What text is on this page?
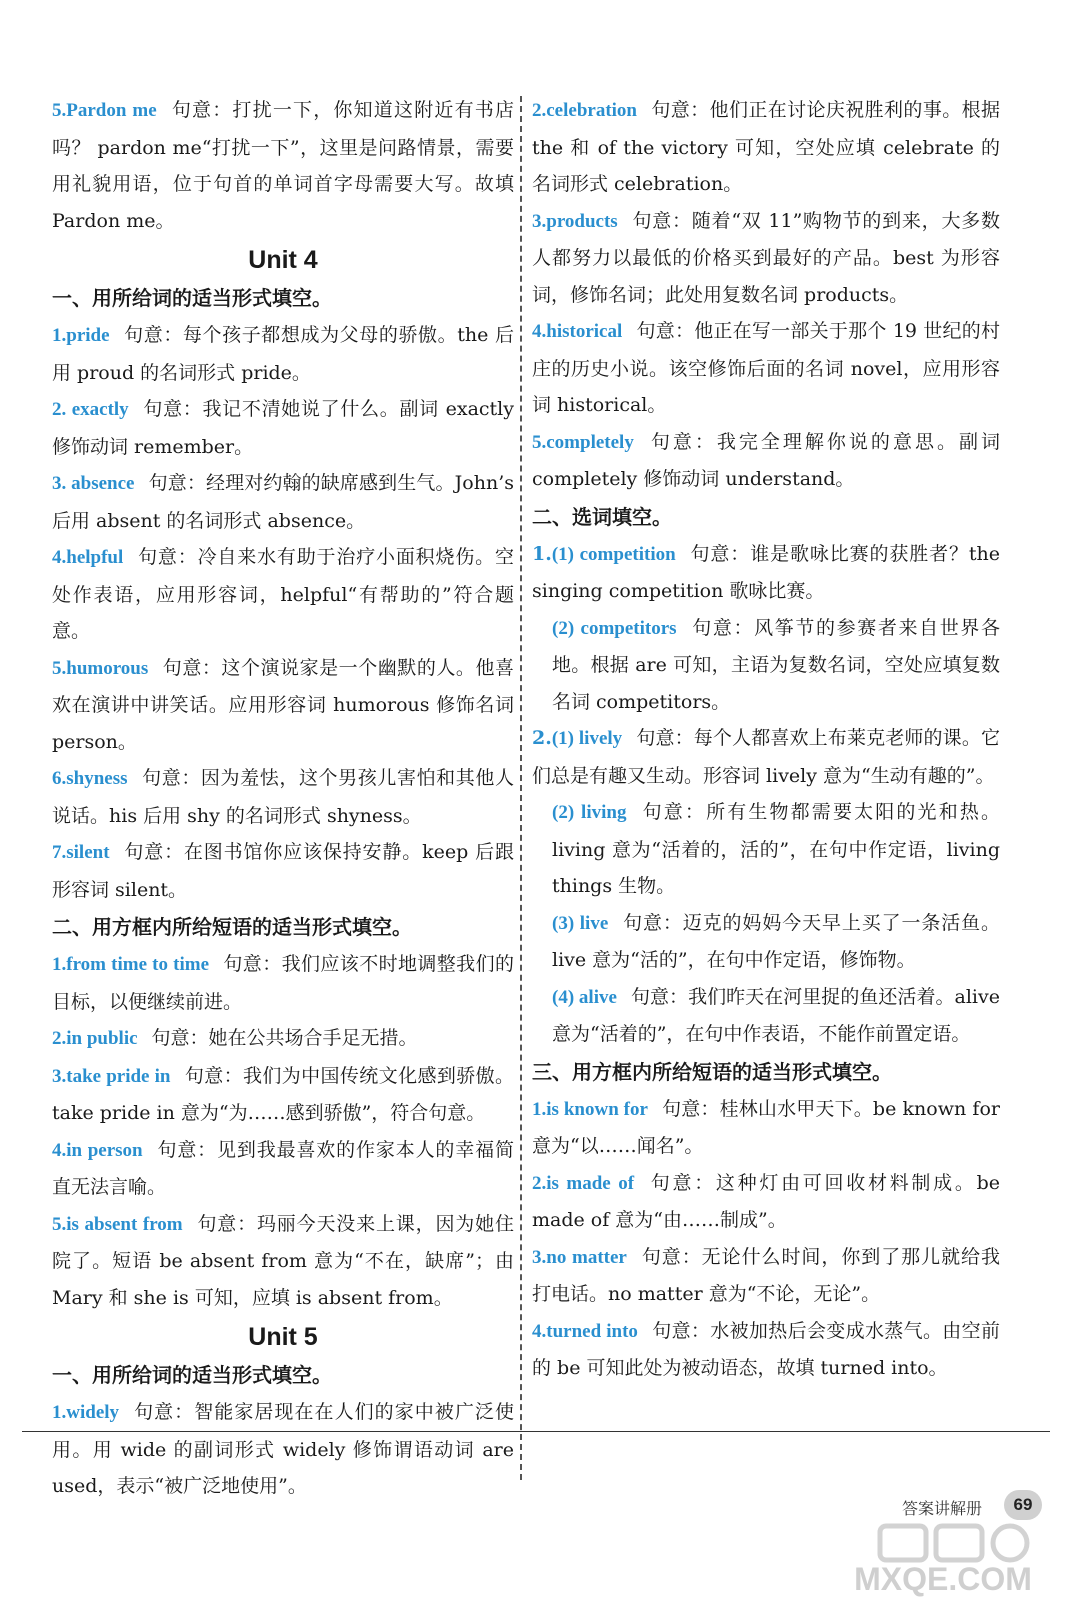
5.Pardon me 句意：打扰一下，你知道这附近有书店吗？ pardon me“打扰一下”，这里是问路情景，需要用礼貌用语，位于句首的单词首字母需要大写。故填 Pardon me。

Unit 4
一、用所给词的适当形式填空。

1.pride 句意：每个孩子都想成为父母的骄傲。the 后用 proud 的名词形式 pride。

2. exactly 句意：我记不清她说了什么。副词 exactly 修饰动词 remember。

3. absence 句意：经理对约翰的缺席感到生气。John’s 后用 absent 的名词形式 absence。

4.helpful 句意：冷自来水有助于治疗小面积烧伤。空处作表语，应用形容词，helpful“有帮助的”符合题意。

5.humorous 句意：这个演说家是一个幽默的人。他喜欢在演讲中讲笑话。应用形容词 humorous 修饰名词 person。

6.shyness 句意：因为羞怯，这个男孩儿害怕和其他人说话。his 后用 shy 的名词形式 shyness。

7.silent 句意：在图书馆你应该保持安静。keep 后跟形容词 silent。

二、用方框内所给短语的适当形式填空。

1.from time to time 句意：我们应该不时地调整我们的目标，以便继续前进。

2.in public 句意：她在公共场合手足无措。

3.take pride in 句意：我们为中国传统文化感到骄傲。take pride in 意为“为……感到骄傲”，符合句意。

4.in person 句意：见到我最喜欢的作家本人的幸福简直无法言喻。

5.is absent from 句意：玛丽今天没来上课，因为她住院了。短语 be absent from 意为“不在，缺席”；由 Mary 和 she is 可知，应填 is absent from。

Unit 5
一、用所给词的适当形式填空。

1.widely 句意：智能家居现在在人们的家中被广泛使用。用 wide 的副词形式 widely 修饰谓语动词 are used，表示“被广泛地使用”。

2.celebration 句意：他们正在讨论庆祝胜利的事。根据 the 和 of the victory 可知，空处应填 celebrate 的名词形式 celebration。

3.products 句意：随着“双 11”购物节的到来，大多数人都努力以最低的价格买到最好的产品。best 为形容词，修饰名词；此处用复数名词 products。

4.historical 句意：他正在写一部关于那个 19 世纪的村庄的历史小说。该空修饰后面的名词 novel，应用形容词 historical。

5.completely 句意：我完全理解你说的意思。副词 completely 修饰动词 understand。

二、选词填空。

1.(1) competition 句意：谁是歌咏比赛的获胜者？the singing competition 歌咏比赛。

(2) competitors 句意：风筝节的参赛者来自世界各地。根据 are 可知，主语为复数名词，空处应填复数名词 competitors。

2.(1) lively 句意：每个人都喜欢上布莱克老师的课。它们总是有趣又生动。形容词 lively 意为“生动有趣的”。

(2) living 句意：所有生物都需要太阳的光和热。living 意为“活着的，活的”，在句中作定语，living things 生物。

(3) live 句意：迈克的妈妈今天早上买了一条活鱼。live 意为“活的”，在句中作定语，修饰物。

(4) alive 句意：我们昨天在河里捉的鱼还活着。alive 意为“活着的”，在句中作表语，不能作前置定语。

三、用方框内所给短语的适当形式填空。

1.is known for 句意：桂林山水甲天下。be known for 意为“以……闻名”。

2.is made of 句意：这种灯由可回收材料制成。be made of 意为“由……制成”。

3.no matter 句意：无论什么时间，你到了那儿就给我打电话。no matter 意为“不论，无论”。

4.turned into 句意：水被加热后会变成水蒸气。由空前的 be 可知此处为被动语态，故填 turned into。

答案讲解册	69
MXQE.COM
